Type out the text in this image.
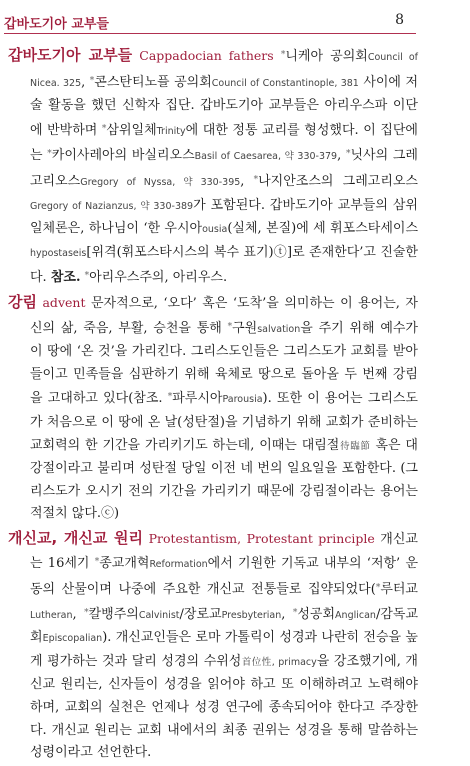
갑바도기아 교부들	8

갑바도기아 교부들 Cappadocian fathers *니케아 공의회Council of Nicea. 325, *콘스탄티노플 공의회Council of Constantinople, 381 사이에 저술 활동을 했던 신학자 집단. 갑바도기아 교부들은 아리우스파 이단에 반박하며 *삼위일체Trinity에 대한 정통 교리를 형성했다. 이 집단에는 *카이사레아의 바실리오스Basil of Caesarea, 약 330-379, *닛사의 그레고리오스Gregory of Nyssa, 약 330-395, *나지안조스의 그레고리오스Gregory of Nazianzus, 약 330-389가 포함된다. 갑바도기아 교부들의 삼위일체론은, 하나님이 ‘한 우시아ousia(실체, 본질)에 세 휘포스타세이스hypostaseis[위격(휘포스타시스의 복수 표기)ⓣ]로 존재한다’고 진술한다. 참조. *아리우스주의, 아리우스.

강림 advent 문자적으로, ‘오다’ 혹은 ‘도착’을 의미하는 이 용어는, 자신의 삶, 죽음, 부활, 승천을 통해 *구원salvation을 주기 위해 예수가 이 땅에 ‘온 것’을 가리킨다. 그리스도인들은 그리스도가 교회를 받아들이고 민족들을 심판하기 위해 육체로 땅으로 돌아올 두 번째 강림을 고대하고 있다(참조. *파루시아Parousia). 또한 이 용어는 그리스도가 처음으로 이 땅에 온 날(성탄절)을 기념하기 위해 교회가 준비하는 교회력의 한 기간을 가리키기도 하는데, 이때는 대림절待臨節 혹은 대강절이라고 불리며 성탄절 당일 이전 네 번의 일요일을 포함한다. (그리스도가 오시기 전의 기간을 가리키기 때문에 강림절이라는 용어는 적절치 않다.ⓒ)

개신교, 개신교 원리 Protestantism, Protestant principle 개신교는 16세기 *종교개혁Reformation에서 기원한 기독교 내부의 ‘저항’ 운동의 산물이며 나중에 주요한 개신교 전통들로 집약되었다(*루터교Lutheran, *칼뱅주의Calvinist/장로교Presbyterian, *성공회Anglican/감독교회Episcopalian). 개신교인들은 로마 가톨릭이 성경과 나란히 전승을 높게 평가하는 것과 달리 성경의 수위성首位性, primacy을 강조했기에, 개신교 원리는, 신자들이 성경을 읽어야 하고 또 이해하려고 노력해야 하며, 교회의 실천은 언제나 성경 연구에 종속되어야 한다고 주장한다. 개신교 원리는 교회 내에서의 최종 권위는 성경을 통해 말씀하는 성령이라고 선언한다.
